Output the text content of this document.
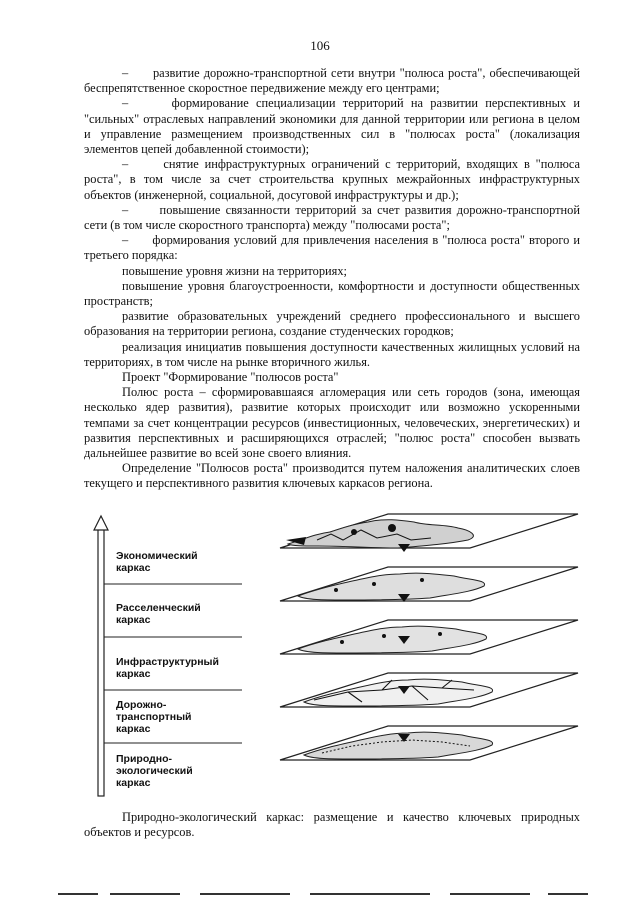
106

–      развитие дорожно-транспортной сети внутри "полюса роста", обеспечивающей беспрепятственное скоростное передвижение между его центрами;

–      формирование специализации территорий на развитии перспективных и "сильных" отраслевых направлений экономики для данной территории или региона в целом и управление размещением производственных сил в "полюсах роста" (локализация элементов цепей добавленной стоимости);

–      снятие инфраструктурных ограничений с территорий, входящих в "полюса роста", в том числе за счет строительства крупных межрайонных инфраструктурных объектов (инженерной, социальной, досуговой инфраструктуры и др.);

–      повышение связанности территорий за счет развития дорожно-транспортной сети (в том числе скоростного транспорта) между "полюсами роста";

–      формирования условий для привлечения населения в "полюса роста" второго и третьего порядка:

повышение уровня жизни на территориях;

повышение уровня благоустроенности, комфортности и доступности общественных пространств;

развитие образовательных учреждений среднего профессионального и высшего образования на территории региона, создание студенческих городков;

реализация инициатив повышения доступности качественных жилищных условий на территориях, в том числе на рынке вторичного жилья.

Проект "Формирование "полюсов роста"

Полюс роста – сформировавшаяся агломерация или сеть городов (зона, имеющая несколько ядер развития), развитие которых происходит или возможно ускоренными темпами за счет концентрации ресурсов (инвестиционных, человеческих, энергетических) и развития перспективных и расширяющихся отраслей; "полюс роста" способен вызвать дальнейшее развитие во всей зоне своего влияния.

Определение "Полюсов роста" производится путем наложения аналитических слоев текущего и перспективного развития ключевых каркасов региона.

Экономический
каркас
Расселенческий
каркас
Инфраструктурный
каркас
Дорожно-
транспортный
каркас
Природно-
экологический
каркас
Природно-экологический каркас: размещение и качество ключевых природных объектов и ресурсов.
